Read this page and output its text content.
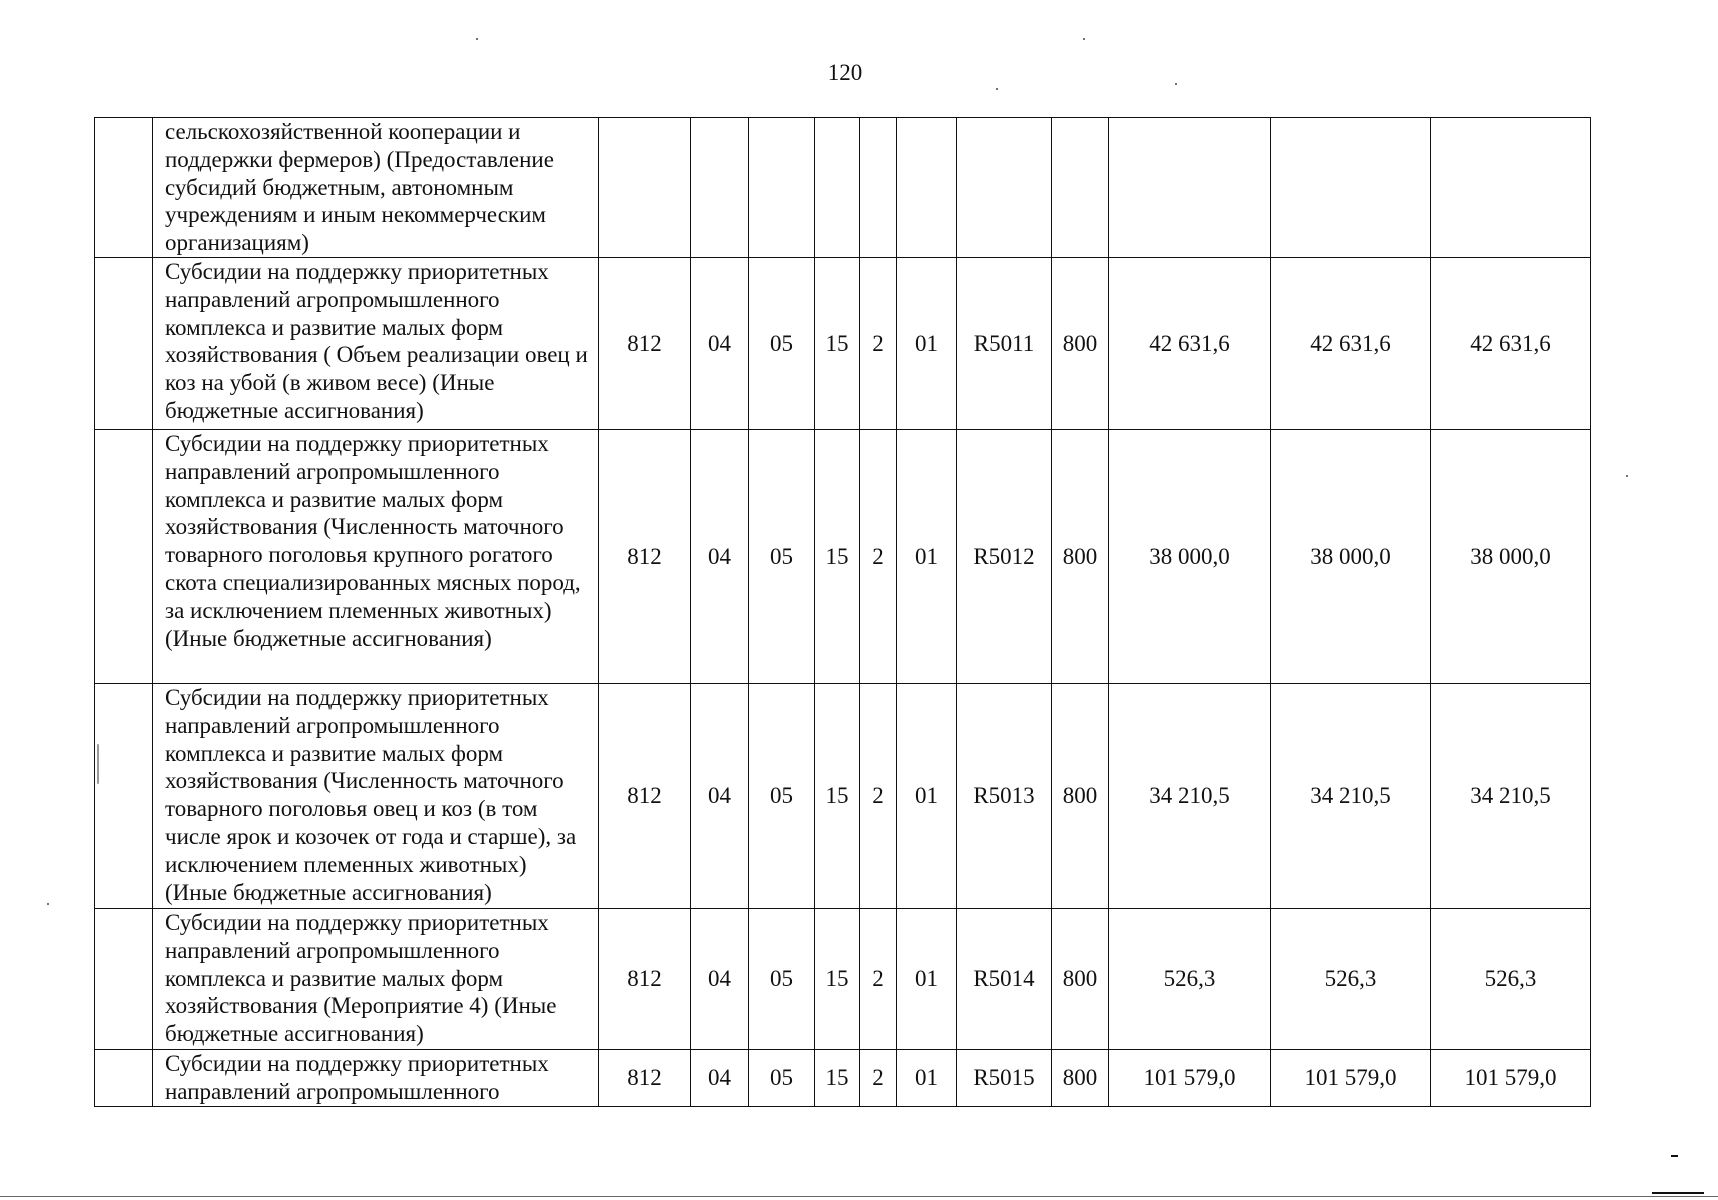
120
	сельскохозяйственной кооперации и поддержки фермеров) (Предоставление субсидий бюджетным, автономным учреждениям и иным некоммерческим организациям)											
	Субсидии на поддержку приоритетных направлений агропромышленного комплекса и развитие малых форм хозяйствования ( Объем реализации овец и коз на убой (в живом весе) (Иные бюджетные ассигнования)	812	04	05	15	2	01	R5011	800	42 631,6	42 631,6	42 631,6
	Субсидии на поддержку приоритетных направлений агропромышленного комплекса и развитие малых форм хозяйствования (Численность маточного товарного поголовья крупного рогатого скота специализированных мясных пород, за исключением племенных животных) (Иные бюджетные ассигнования)	812	04	05	15	2	01	R5012	800	38 000,0	38 000,0	38 000,0
	Субсидии на поддержку приоритетных направлений агропромышленного комплекса и развитие малых форм хозяйствования (Численность маточного товарного поголовья овец и коз (в том числе ярок и козочек от года и старше), за исключением племенных животных) (Иные бюджетные ассигнования)	812	04	05	15	2	01	R5013	800	34 210,5	34 210,5	34 210,5
	Субсидии на поддержку приоритетных направлений агропромышленного комплекса и развитие малых форм хозяйствования (Мероприятие 4) (Иные бюджетные ассигнования)	812	04	05	15	2	01	R5014	800	526,3	526,3	526,3
	Субсидии на поддержку приоритетных направлений агропромышленного	812	04	05	15	2	01	R5015	800	101 579,0	101 579,0	101 579,0
